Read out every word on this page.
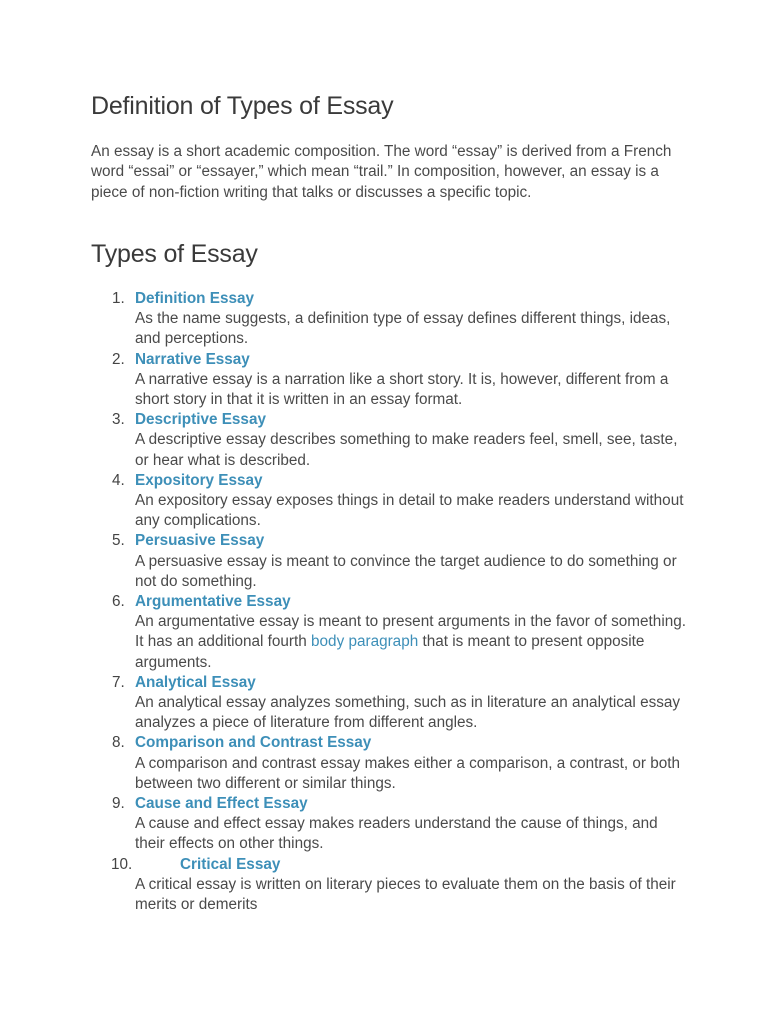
Definition of Types of Essay

An essay is a short academic composition. The word “essay” is derived from a French word “essai” or “essayer,” which mean “trail.” In composition, however, an essay is a piece of non-fiction writing that talks or discusses a specific topic.

Types of Essay
1. Definition Essay
As the name suggests, a definition type of essay defines different things, ideas, and perceptions.
2. Narrative Essay
A narrative essay is a narration like a short story. It is, however, different from a short story in that it is written in an essay format.
3. Descriptive Essay
A descriptive essay describes something to make readers feel, smell, see, taste, or hear what is described.
4. Expository Essay
An expository essay exposes things in detail to make readers understand without any complications.
5. Persuasive Essay
A persuasive essay is meant to convince the target audience to do something or not do something.
6. Argumentative Essay
An argumentative essay is meant to present arguments in the favor of something. It has an additional fourth body paragraph that is meant to present opposite arguments.
7. Analytical Essay
An analytical essay analyzes something, such as in literature an analytical essay analyzes a piece of literature from different angles.
8. Comparison and Contrast Essay
A comparison and contrast essay makes either a comparison, a contrast, or both between two different or similar things.
9. Cause and Effect Essay
A cause and effect essay makes readers understand the cause of things, and their effects on other things.
10.	Critical Essay
A critical essay is written on literary pieces to evaluate them on the basis of their merits or demerits
